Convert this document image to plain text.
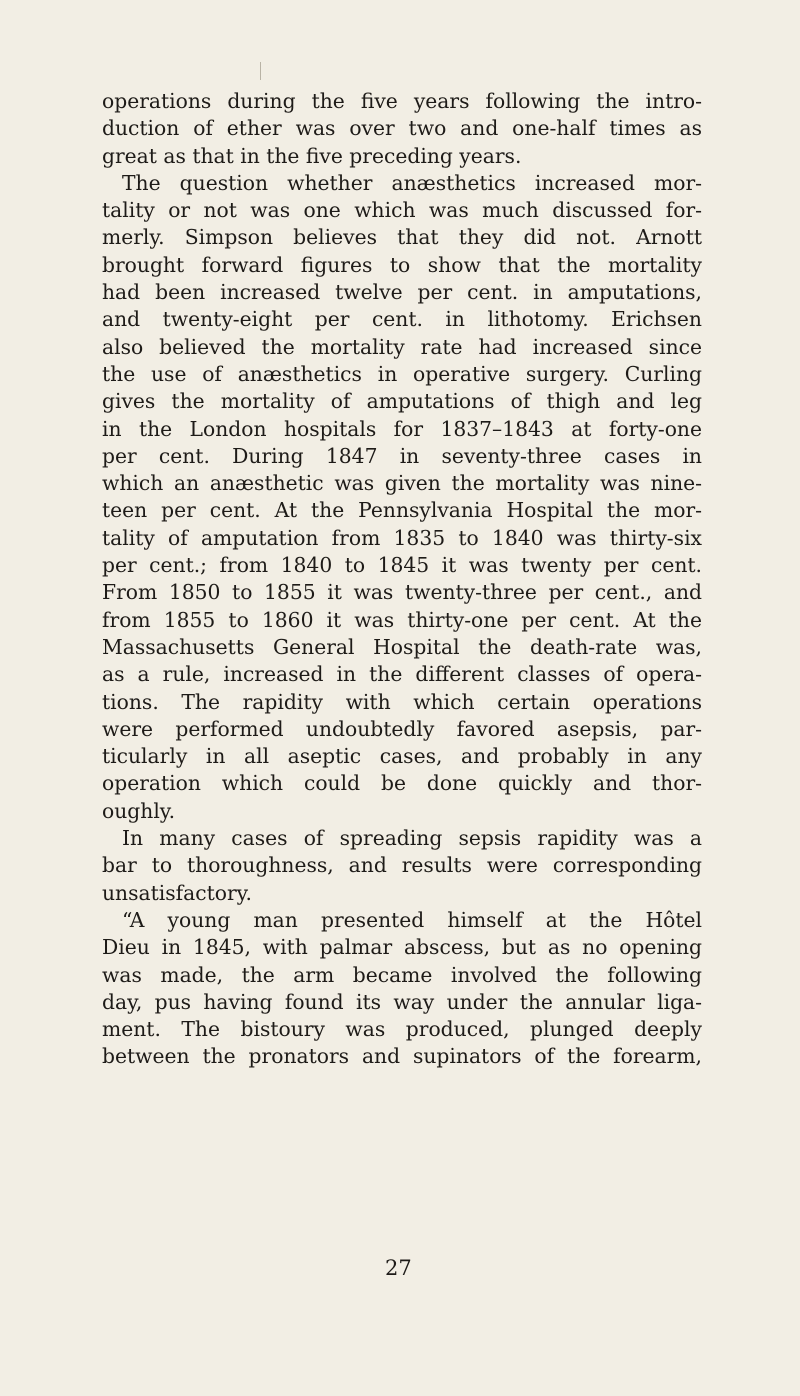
operations during the five years following the intro-
duction of ether was over two and one-half times as
great as that in the five preceding years.
The question whether anæsthetics increased mor-
tality or not was one which was much discussed for-
merly. Simpson believes that they did not. Arnott
brought forward figures to show that the mortality
had been increased twelve per cent. in amputations,
and twenty-eight per cent. in lithotomy. Erichsen
also believed the mortality rate had increased since
the use of anæsthetics in operative surgery. Curling
gives the mortality of amputations of thigh and leg
in the London hospitals for 1837–1843 at forty-one
per cent. During 1847 in seventy-three cases in
which an anæsthetic was given the mortality was nine-
teen per cent. At the Pennsylvania Hospital the mor-
tality of amputation from 1835 to 1840 was thirty-six
per cent.; from 1840 to 1845 it was twenty per cent.
From 1850 to 1855 it was twenty-three per cent., and
from 1855 to 1860 it was thirty-one per cent. At the
Massachusetts General Hospital the death-rate was,
as a rule, increased in the different classes of opera-
tions. The rapidity with which certain operations
were performed undoubtedly favored asepsis, par-
ticularly in all aseptic cases, and probably in any
operation which could be done quickly and thor-
oughly.
In many cases of spreading sepsis rapidity was a
bar to thoroughness, and results were corresponding
unsatisfactory.
“A young man presented himself at the Hôtel
Dieu in 1845, with palmar abscess, but as no opening
was made, the arm became involved the following
day, pus having found its way under the annular liga-
ment. The bistoury was produced, plunged deeply
between the pronators and supinators of the forearm,
27
